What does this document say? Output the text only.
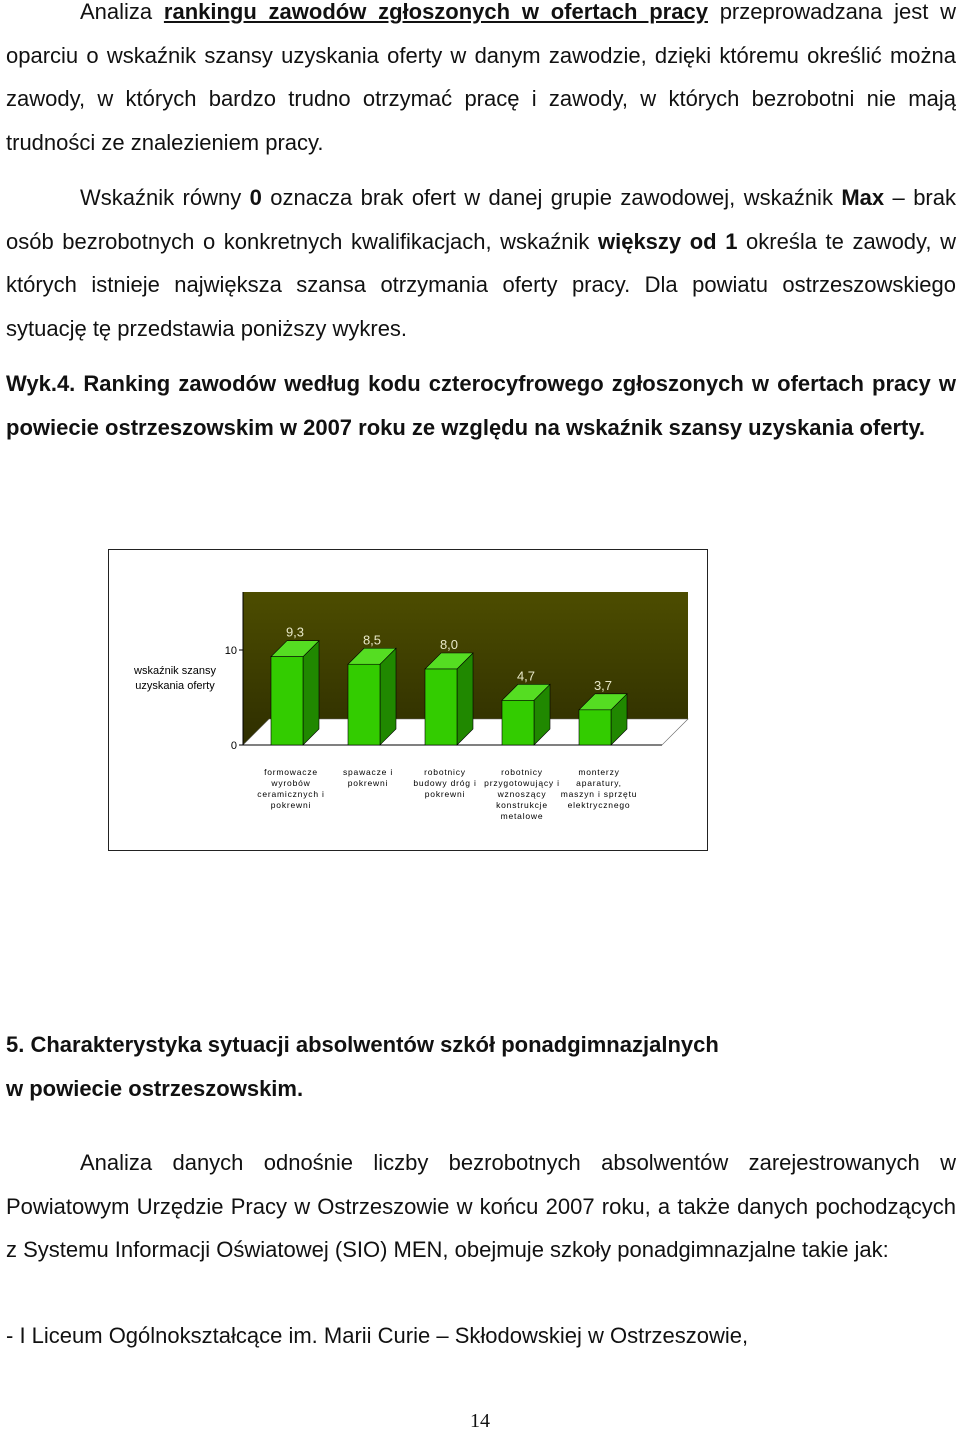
Analiza rankingu zawodów zgłoszonych w ofertach pracy przeprowadzana jest w oparciu o wskaźnik szansy uzyskania oferty w danym zawodzie, dzięki któremu określić można zawody, w których bardzo trudno otrzymać pracę i zawody, w których bezrobotni nie mają trudności ze znalezieniem pracy.

Wskaźnik równy 0 oznacza brak ofert w danej grupie zawodowej, wskaźnik Max – brak osób bezrobotnych o konkretnych kwalifikacjach, wskaźnik większy od 1 określa te zawody, w których istnieje największa szansa otrzymania oferty pracy. Dla powiatu ostrzeszowskiego sytuację tę przedstawia poniższy wykres.

Wyk.4. Ranking zawodów według kodu czterocyfrowego zgłoszonych w ofertach pracy w powiecie ostrzeszowskim w 2007 roku ze względu na wskaźnik szansy uzyskania oferty.

0
10
wskaźnik szansy
uzyskania oferty
9,3
formowacze
wyrobów
ceramicznych i
pokrewni
8,5
spawacze i
pokrewni
8,0
robotnicy
budowy dróg i
pokrewni
4,7
robotnicy
przygotowujący i
wznoszący
konstrukcje
metalowe
3,7
monterzy
aparatury,
maszyn i sprzętu
elektrycznego
5. Charakterystyka sytuacji absolwentów szkół ponadgimnazjalnych
w powiecie ostrzeszowskim.

Analiza danych odnośnie liczby bezrobotnych absolwentów zarejestrowanych w Powiatowym Urzędzie Pracy w Ostrzeszowie w końcu 2007 roku, a także danych pochodzących z Systemu Informacji Oświatowej (SIO) MEN, obejmuje szkoły ponadgimnazjalne takie jak:

- I Liceum Ogólnokształcące im. Marii Curie – Skłodowskiej w Ostrzeszowie,

14
